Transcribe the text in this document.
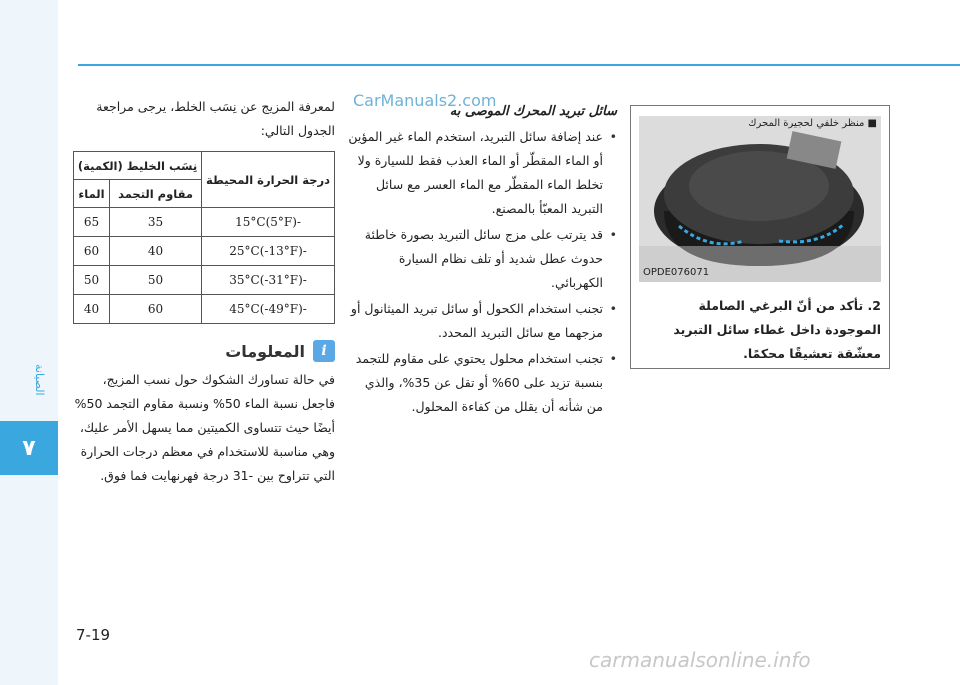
الصيانة
٧
7-19
CarManuals2.com
carmanualsonline.info

لمعرفة المزيج عن نِسَب الخلط، يرجى مراجعة الجدول التالي:

درجة الحرارة المحيطة	نِسَب الخليط (الكمية)	
	مقاوم التجمد	الماء
-15°C(5°F)	35	65
-25°C(-13°F)	40	60
-35°C(-31°F)	50	50
-45°C(-49°F)	60	40
i
المعلومات

في حالة تساورك الشكوك حول نسب المزيج، فاجعل نسبة الماء 50% ونسبة مقاوم التجمد 50% أيضًا حيث تتساوى الكميتين مما يسهل الأمر عليك، وهي مناسبة للاستخدام في معظم درجات الحرارة التي تتراوح بين -31 درجة فهرنهايت فما فوق.

سائل تبريد المحرك الموصى به

• عند إضافة سائل التبريد، استخدم الماء غير المؤين أو الماء المقطّر أو الماء العذب فقط للسيارة ولا تخلط الماء المقطّر مع الماء العسر مع سائل التبريد المعبّأ بالمصنع.
• قد يترتب على مزج سائل التبريد بصورة خاطئة حدوث عطل شديد أو تلف نظام السيارة الكهربائي.
• تجنب استخدام الكحول أو سائل تبريد الميثانول أو مزجهما مع سائل التبريد المحدد.
• تجنب استخدام محلول يحتوي على مقاوم للتجمد بنسبة تزيد على 60% أو تقل عن 35%، والذي من شأنه أن يقلل من كفاءة المحلول.
■ منظر خلفي لحجيرة المحرك
OPDE076071
2. تأكد من أنّ البرغي الصاملة الموجودة داخل غطاء سائل التبريد معشّقة تعشيقًا محكمًا.
